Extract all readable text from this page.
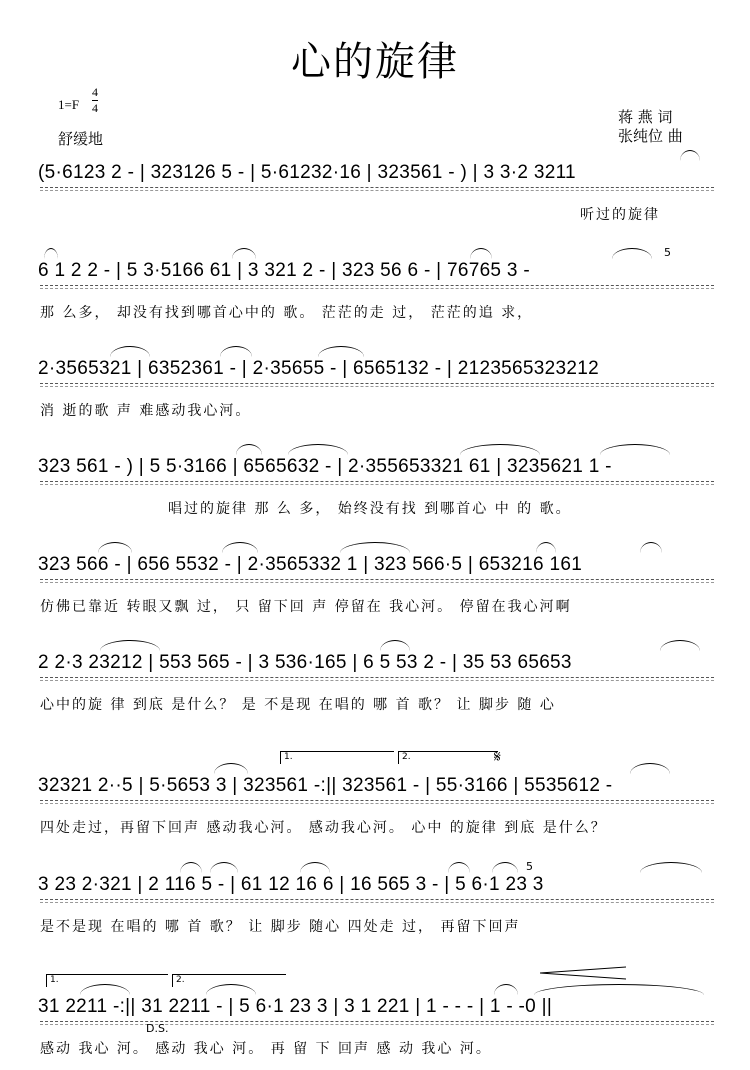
心的旋律
1=F
4
4
舒缓地
蒋 燕 词
张纯位 曲
(5·6123 2 - | 323126 5 - | 5·61232·16 | 323561 - ) | 3 3·2 3211
听过的旋律
5
6 1 2 2 - | 5 3·5166 61 | 3 321 2 - | 323 56 6 - | 76765 3 -
那 么多， 却没有找到哪首心中的 歌。 茫茫的走 过， 茫茫的追 求，
2·3565321 | 6352361 - | 2·35655 - | 6565132 - | 2123565323212
消 逝的歌 声 难感动我心河。
323 561 - ) | 5 5·3166 | 6565632 - | 2·355653321 61 | 3235621 1 -
唱过的旋律 那 么 多， 始终没有找 到哪首心 中 的 歌。
323 566 - | 656 5532 - | 2·3565332 1 | 323 566·5 | 653216 161
仿佛已靠近 转眼又飘 过， 只 留下回 声 停留在 我心河。 停留在我心河啊
2 2·3 23212 | 553 565 - | 3 536·165 | 6 5 53 2 - | 35 53 65653
心中的旋 律 到底 是什么？ 是 不是现 在唱的 哪 首 歌？ 让 脚步 随 心
1.	2.	𝄋
32321 2··5 | 5·5653 3 | 323561 -:|| 323561 - | 55·3166 | 5535612 -
四处走过，再留下回声 感动我心河。 感动我心河。 心中 的旋律 到底 是什么？
5
3 23 2·321 | 2 116 5 - | 61 12 16 6 | 16 565 3 - | 5 6·1 23 3
是不是现 在唱的 哪 首 歌？ 让 脚步 随心 四处走 过， 再留下回声
1.	2.
31 2211 -:|| 31 2211 - | 5 6·1 23 3 | 3 1 221 | 1 - - - | 1 - -0 ||
D.S.
感动 我心 河。 感动 我心 河。 再 留 下 回声 感 动 我心 河。
